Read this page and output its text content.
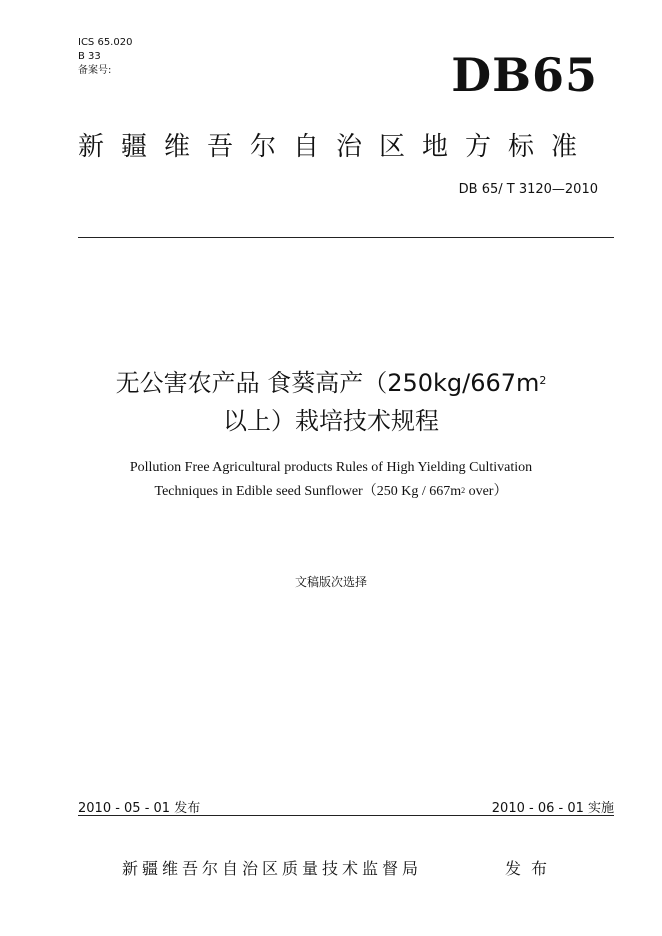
ICS 65.020
B 33
备案号:	DB65
新疆维吾尔自治区地方标准
DB 65/ T 3120—2010
无公害农产品 食葵高产（$250kg/667m^2$
以上）栽培技术规程
Pollution Free Agricultural products Rules of High Yielding Cultivation
Techniques in Edible seed Sunflower（250 Kg / $667m^2$ over）
文稿版次选择
2010 - 05 - 01 发布	2010 - 06 - 01 实施
新疆维吾尔自治区质量技术监督局	发布
